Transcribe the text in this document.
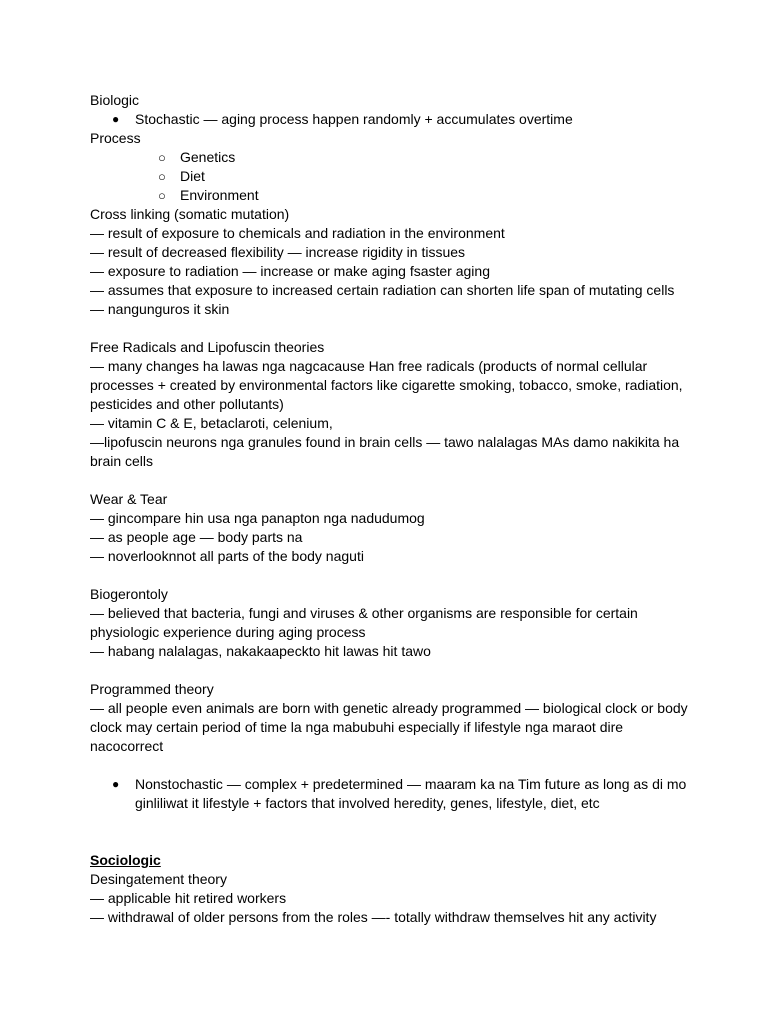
Biologic
● Stochastic — aging process happen randomly + accumulates overtime
Process
○ Genetics
○ Diet
○ Environment
Cross linking (somatic mutation)
— result of exposure to chemicals and radiation in the environment
— result of decreased flexibility — increase rigidity in tissues
— exposure to radiation — increase or make aging fsaster aging
— assumes that exposure to increased certain radiation can shorten life span of mutating cells
— nangunguros it skin
Free Radicals and Lipofuscin theories
— many changes ha lawas nga nagcacause Han free radicals (products of normal cellular processes + created by environmental factors like cigarette smoking, tobacco, smoke, radiation, pesticides and other pollutants)
— vitamin C & E, betaclaroti, celenium,
—lipofuscin neurons nga granules found in brain cells — tawo nalalagas MAs damo nakikita ha brain cells
Wear & Tear
— gincompare hin usa nga panapton nga nadudumog
— as people age — body parts na
— noverlooknnot all parts of the body naguti
Biogerontoly
— believed that bacteria, fungi and viruses & other organisms are responsible for certain physiologic experience during aging process
— habang nalalagas, nakakaapeckto hit lawas hit tawo
Programmed theory
— all people even animals are born with genetic already programmed — biological clock or body clock may certain period of time la nga mabubuhi especially if lifestyle nga maraot dire nacocorrect
● Nonstochastic — complex + predetermined — maaram ka na Tim future as long as di mo ginliliwat it lifestyle + factors that involved heredity, genes, lifestyle, diet, etc
Sociologic
Desingatement theory
— applicable hit retired workers
— withdrawal of older persons from the roles —- totally withdraw themselves hit any activity
